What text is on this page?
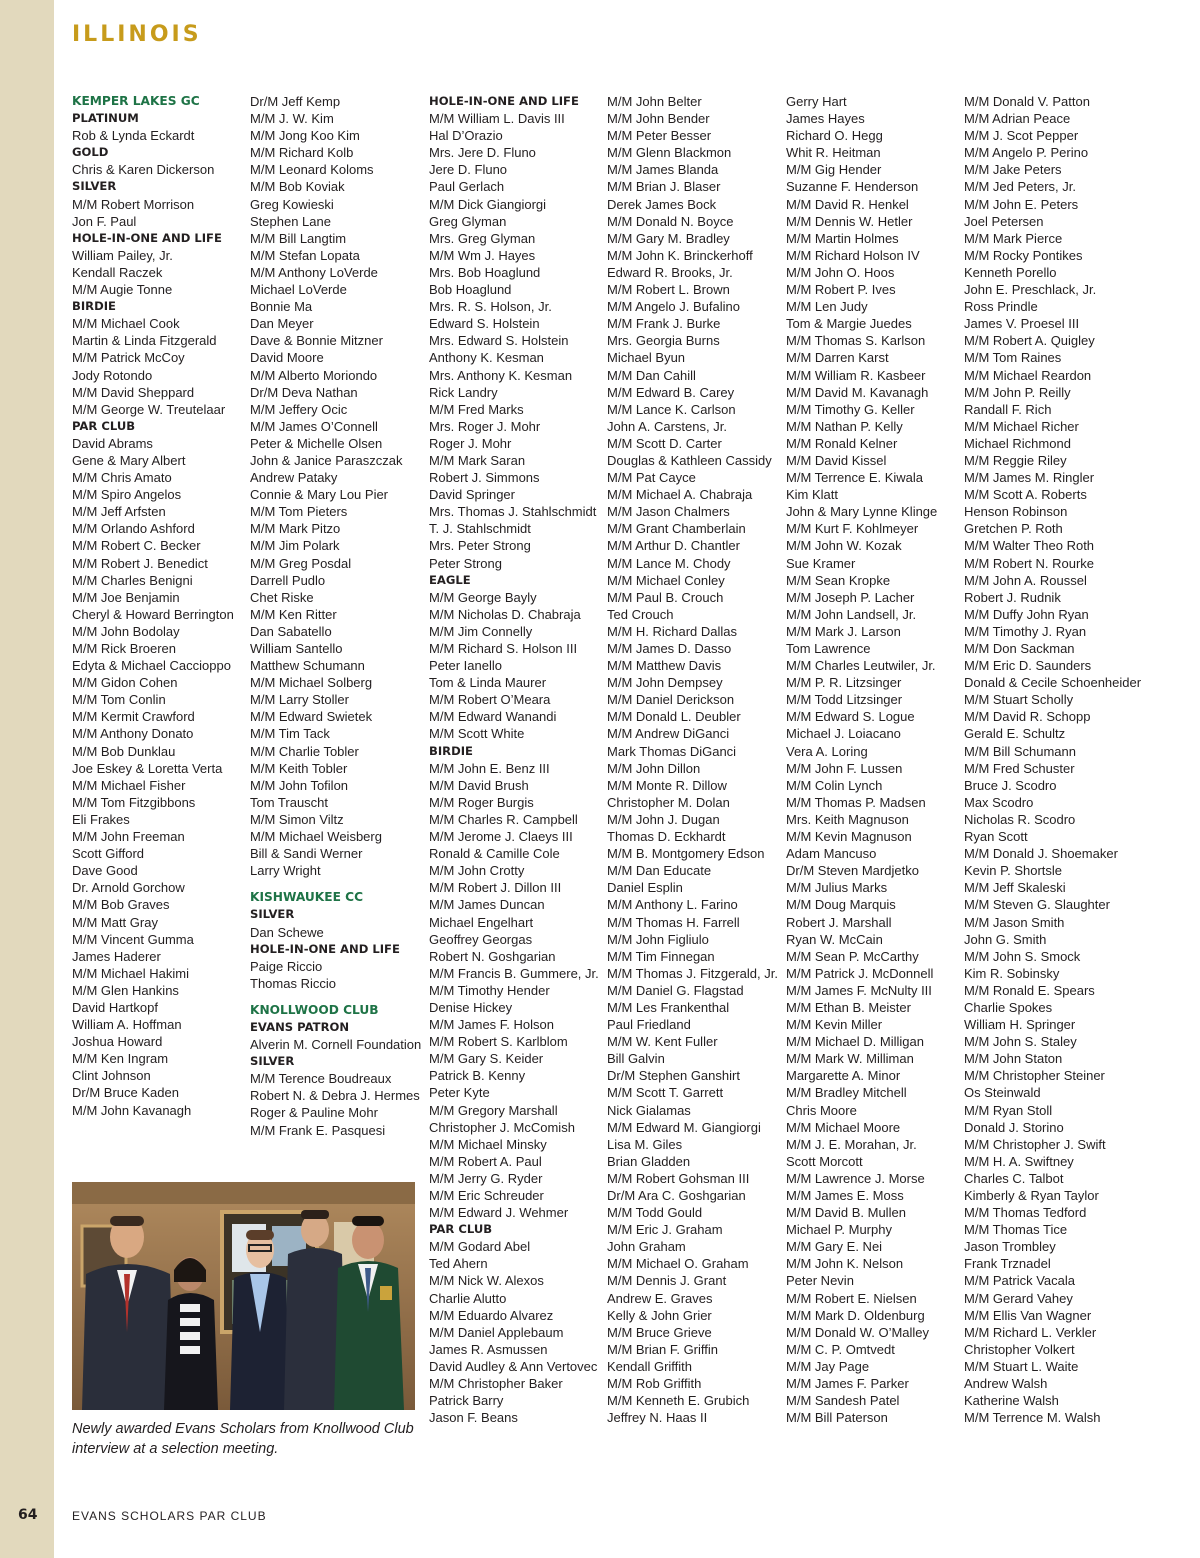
ILLINOIS
KEMPER LAKES GC
PLATINUM
Rob & Lynda Eckardt
GOLD
Chris & Karen Dickerson
SILVER
M/M Robert Morrison
Jon F. Paul
HOLE-IN-ONE AND LIFE
William Pailey, Jr.
Kendall Raczek
M/M Augie Tonne
BIRDIE
M/M Michael Cook
Martin & Linda Fitzgerald
M/M Patrick McCoy
Jody Rotondo
M/M David Sheppard
M/M George W. Treutelaar
PAR CLUB
David Abrams
Gene & Mary Albert
M/M Chris Amato
M/M Spiro Angelos
M/M Jeff Arfsten
M/M Orlando Ashford
M/M Robert C. Becker
M/M Robert J. Benedict
M/M Charles Benigni
M/M Joe Benjamin
Cheryl & Howard Berrington
M/M John Bodolay
M/M Rick Broeren
Edyta & Michael Caccioppo
M/M Gidon Cohen
M/M Tom Conlin
M/M Kermit Crawford
M/M Anthony Donato
M/M Bob Dunklau
Joe Eskey & Loretta Verta
M/M Michael Fisher
M/M Tom Fitzgibbons
Eli Frakes
M/M John Freeman
Scott Gifford
Dave Good
Dr. Arnold Gorchow
M/M Bob Graves
M/M Matt Gray
M/M Vincent Gumma
James Haderer
M/M Michael Hakimi
M/M Glen Hankins
David Hartkopf
William A. Hoffman
Joshua Howard
M/M Ken Ingram
Clint Johnson
Dr/M Bruce Kaden
M/M John Kavanagh
Dr/M Jeff Kemp
M/M J. W. Kim
M/M Jong Koo Kim
M/M Richard Kolb
M/M Leonard Koloms
M/M Bob Koviak
Greg Kowieski
Stephen Lane
M/M Bill Langtim
M/M Stefan Lopata
M/M Anthony LoVerde
Michael LoVerde
Bonnie Ma
Dan Meyer
Dave & Bonnie Mitzner
David Moore
M/M Alberto Moriondo
Dr/M Deva Nathan
M/M Jeffery Ocic
M/M James O’Connell
Peter & Michelle Olsen
John & Janice Paraszczak
Andrew Pataky
Connie & Mary Lou Pier
M/M Tom Pieters
M/M Mark Pitzo
M/M Jim Polark
M/M Greg Posdal
Darrell Pudlo
Chet Riske
M/M Ken Ritter
Dan Sabatello
William Santello
Matthew Schumann
M/M Michael Solberg
M/M Larry Stoller
M/M Edward Swietek
M/M Tim Tack
M/M Charlie Tobler
M/M Keith Tobler
M/M John Tofilon
Tom Trauscht
M/M Simon Viltz
M/M Michael Weisberg
Bill & Sandi Werner
Larry Wright
KISHWAUKEE CC
SILVER
Dan Schewe
HOLE-IN-ONE AND LIFE
Paige Riccio
Thomas Riccio
KNOLLWOOD CLUB
EVANS PATRON
Alverin M. Cornell Foundation
SILVER
M/M Terence Boudreaux
Robert N. & Debra J. Hermes
Roger & Pauline Mohr
M/M Frank E. Pasquesi
HOLE-IN-ONE AND LIFE
M/M William L. Davis III
Hal D’Orazio
Mrs. Jere D. Fluno
Jere D. Fluno
Paul Gerlach
M/M Dick Giangiorgi
Greg Glyman
Mrs. Greg Glyman
M/M Wm J. Hayes
Mrs. Bob Hoaglund
Bob Hoaglund
Mrs. R. S. Holson, Jr.
Edward S. Holstein
Mrs. Edward S. Holstein
Anthony K. Kesman
Mrs. Anthony K. Kesman
Rick Landry
M/M Fred Marks
Mrs. Roger J. Mohr
Roger J. Mohr
M/M Mark Saran
Robert J. Simmons
David Springer
Mrs. Thomas J. Stahlschmidt
T. J. Stahlschmidt
Mrs. Peter Strong
Peter Strong
EAGLE
M/M George Bayly
M/M Nicholas D. Chabraja
M/M Jim Connelly
M/M Richard S. Holson III
Peter Ianello
Tom & Linda Maurer
M/M Robert O’Meara
M/M Edward Wanandi
M/M Scott White
BIRDIE
M/M John E. Benz III
M/M David Brush
M/M Roger Burgis
M/M Charles R. Campbell
M/M Jerome J. Claeys III
Ronald & Camille Cole
M/M John Crotty
M/M Robert J. Dillon III
M/M James Duncan
Michael Engelhart
Geoffrey Georgas
Robert N. Goshgarian
M/M Francis B. Gummere, Jr.
M/M Timothy Hender
Denise Hickey
M/M James F. Holson
M/M Robert S. Karlblom
M/M Gary S. Keider
Patrick B. Kenny
Peter Kyte
M/M Gregory Marshall
Christopher J. McComish
M/M Michael Minsky
M/M Robert A. Paul
M/M Jerry G. Ryder
M/M Eric Schreuder
M/M Edward J. Wehmer
PAR CLUB
M/M Godard Abel
Ted Ahern
M/M Nick W. Alexos
Charlie Alutto
M/M Eduardo Alvarez
M/M Daniel Applebaum
James R. Asmussen
David Audley & Ann Vertovec
M/M Christopher Baker
Patrick Barry
Jason F. Beans
M/M John Belter
M/M John Bender
M/M Peter Besser
M/M Glenn Blackmon
M/M James Blanda
M/M Brian J. Blaser
Derek James Bock
M/M Donald N. Boyce
M/M Gary M. Bradley
M/M John K. Brinckerhoff
Edward R. Brooks, Jr.
M/M Robert L. Brown
M/M Angelo J. Bufalino
M/M Frank J. Burke
Mrs. Georgia Burns
Michael Byun
M/M Dan Cahill
M/M Edward B. Carey
M/M Lance K. Carlson
John A. Carstens, Jr.
M/M Scott D. Carter
Douglas & Kathleen Cassidy
M/M Pat Cayce
M/M Michael A. Chabraja
M/M Jason Chalmers
M/M Grant Chamberlain
M/M Arthur D. Chantler
M/M Lance M. Chody
M/M Michael Conley
M/M Paul B. Crouch
Ted Crouch
M/M H. Richard Dallas
M/M James D. Dasso
M/M Matthew Davis
M/M John Dempsey
M/M Daniel Derickson
M/M Donald L. Deubler
M/M Andrew DiGanci
Mark Thomas DiGanci
M/M John Dillon
M/M Monte R. Dillow
Christopher M. Dolan
M/M John J. Dugan
Thomas D. Eckhardt
M/M B. Montgomery Edson
M/M Dan Educate
Daniel Esplin
M/M Anthony L. Farino
M/M Thomas H. Farrell
M/M John Figliulo
M/M Tim Finnegan
M/M Thomas J. Fitzgerald, Jr.
M/M Daniel G. Flagstad
M/M Les Frankenthal
Paul Friedland
M/M W. Kent Fuller
Bill Galvin
Dr/M Stephen Ganshirt
M/M Scott T. Garrett
Nick Gialamas
M/M Edward M. Giangiorgi
Lisa M. Giles
Brian Gladden
M/M Robert Gohsman III
Dr/M Ara C. Goshgarian
M/M Todd Gould
M/M Eric J. Graham
John Graham
M/M Michael O. Graham
M/M Dennis J. Grant
Andrew E. Graves
Kelly & John Grier
M/M Bruce Grieve
M/M Brian F. Griffin
Kendall Griffith
M/M Rob Griffith
M/M Kenneth E. Grubich
Jeffrey N. Haas II
Gerry Hart
James Hayes
Richard O. Hegg
Whit R. Heitman
M/M Gig Hender
Suzanne F. Henderson
M/M David R. Henkel
M/M Dennis W. Hetler
M/M Martin Holmes
M/M Richard Holson IV
M/M John O. Hoos
M/M Robert P. Ives
M/M Len Judy
Tom & Margie Juedes
M/M Thomas S. Karlson
M/M Darren Karst
M/M William R. Kasbeer
M/M David M. Kavanagh
M/M Timothy G. Keller
M/M Nathan P. Kelly
M/M Ronald Kelner
M/M David Kissel
M/M Terrence E. Kiwala
Kim Klatt
John & Mary Lynne Klinge
M/M Kurt F. Kohlmeyer
M/M John W. Kozak
Sue Kramer
M/M Sean Kropke
M/M Joseph P. Lacher
M/M John Landsell, Jr.
M/M Mark J. Larson
Tom Lawrence
M/M Charles Leutwiler, Jr.
M/M P. R. Litzsinger
M/M Todd Litzsinger
M/M Edward S. Logue
Michael J. Loiacano
Vera A. Loring
M/M John F. Lussen
M/M Colin Lynch
M/M Thomas P. Madsen
Mrs. Keith Magnuson
M/M Kevin Magnuson
Adam Mancuso
Dr/M Steven Mardjetko
M/M Julius Marks
M/M Doug Marquis
Robert J. Marshall
Ryan W. McCain
M/M Sean P. McCarthy
M/M Patrick J. McDonnell
M/M James F. McNulty III
M/M Ethan B. Meister
M/M Kevin Miller
M/M Michael D. Milligan
M/M Mark W. Milliman
Margarette A. Minor
M/M Bradley Mitchell
Chris Moore
M/M Michael Moore
M/M J. E. Morahan, Jr.
Scott Morcott
M/M Lawrence J. Morse
M/M James E. Moss
M/M David B. Mullen
Michael P. Murphy
M/M Gary E. Nei
M/M John K. Nelson
Peter Nevin
M/M Robert E. Nielsen
M/M Mark D. Oldenburg
M/M Donald W. O’Malley
M/M C. P. Omtvedt
M/M Jay Page
M/M James F. Parker
M/M Sandesh Patel
M/M Bill Paterson
M/M Donald V. Patton
M/M Adrian Peace
M/M J. Scot Pepper
M/M Angelo P. Perino
M/M Jake Peters
M/M Jed Peters, Jr.
M/M John E. Peters
Joel Petersen
M/M Mark Pierce
M/M Rocky Pontikes
Kenneth Porello
John E. Preschlack, Jr.
Ross Prindle
James V. Proesel III
M/M Robert A. Quigley
M/M Tom Raines
M/M Michael Reardon
M/M John P. Reilly
Randall F. Rich
M/M Michael Richer
Michael Richmond
M/M Reggie Riley
M/M James M. Ringler
M/M Scott A. Roberts
Henson Robinson
Gretchen P. Roth
M/M Walter Theo Roth
M/M Robert N. Rourke
M/M John A. Roussel
Robert J. Rudnik
M/M Duffy John Ryan
M/M Timothy J. Ryan
M/M Don Sackman
M/M Eric D. Saunders
Donald & Cecile Schoenheider
M/M Stuart Scholly
M/M David R. Schopp
Gerald E. Schultz
M/M Bill Schumann
M/M Fred Schuster
Bruce J. Scodro
Max Scodro
Nicholas R. Scodro
Ryan Scott
M/M Donald J. Shoemaker
Kevin P. Shortsle
M/M Jeff Skaleski
M/M Steven G. Slaughter
M/M Jason Smith
John G. Smith
M/M John S. Smock
Kim R. Sobinsky
M/M Ronald E. Spears
Charlie Spokes
William H. Springer
M/M John S. Staley
M/M John Staton
M/M Christopher Steiner
Os Steinwald
M/M Ryan Stoll
Donald J. Storino
M/M Christopher J. Swift
M/M H. A. Swiftney
Charles C. Talbot
Kimberly & Ryan Taylor
M/M Thomas Tedford
M/M Thomas Tice
Jason Trombley
Frank Trznadel
M/M Patrick Vacala
M/M Gerard Vahey
M/M Ellis Van Wagner
M/M Richard L. Verkler
Christopher Volkert
M/M Stuart L. Waite
Andrew Walsh
Katherine Walsh
M/M Terrence M. Walsh
Newly awarded Evans Scholars from Knollwood Club interview at a selection meeting.
64	EVANS SCHOLARS PAR CLUB
